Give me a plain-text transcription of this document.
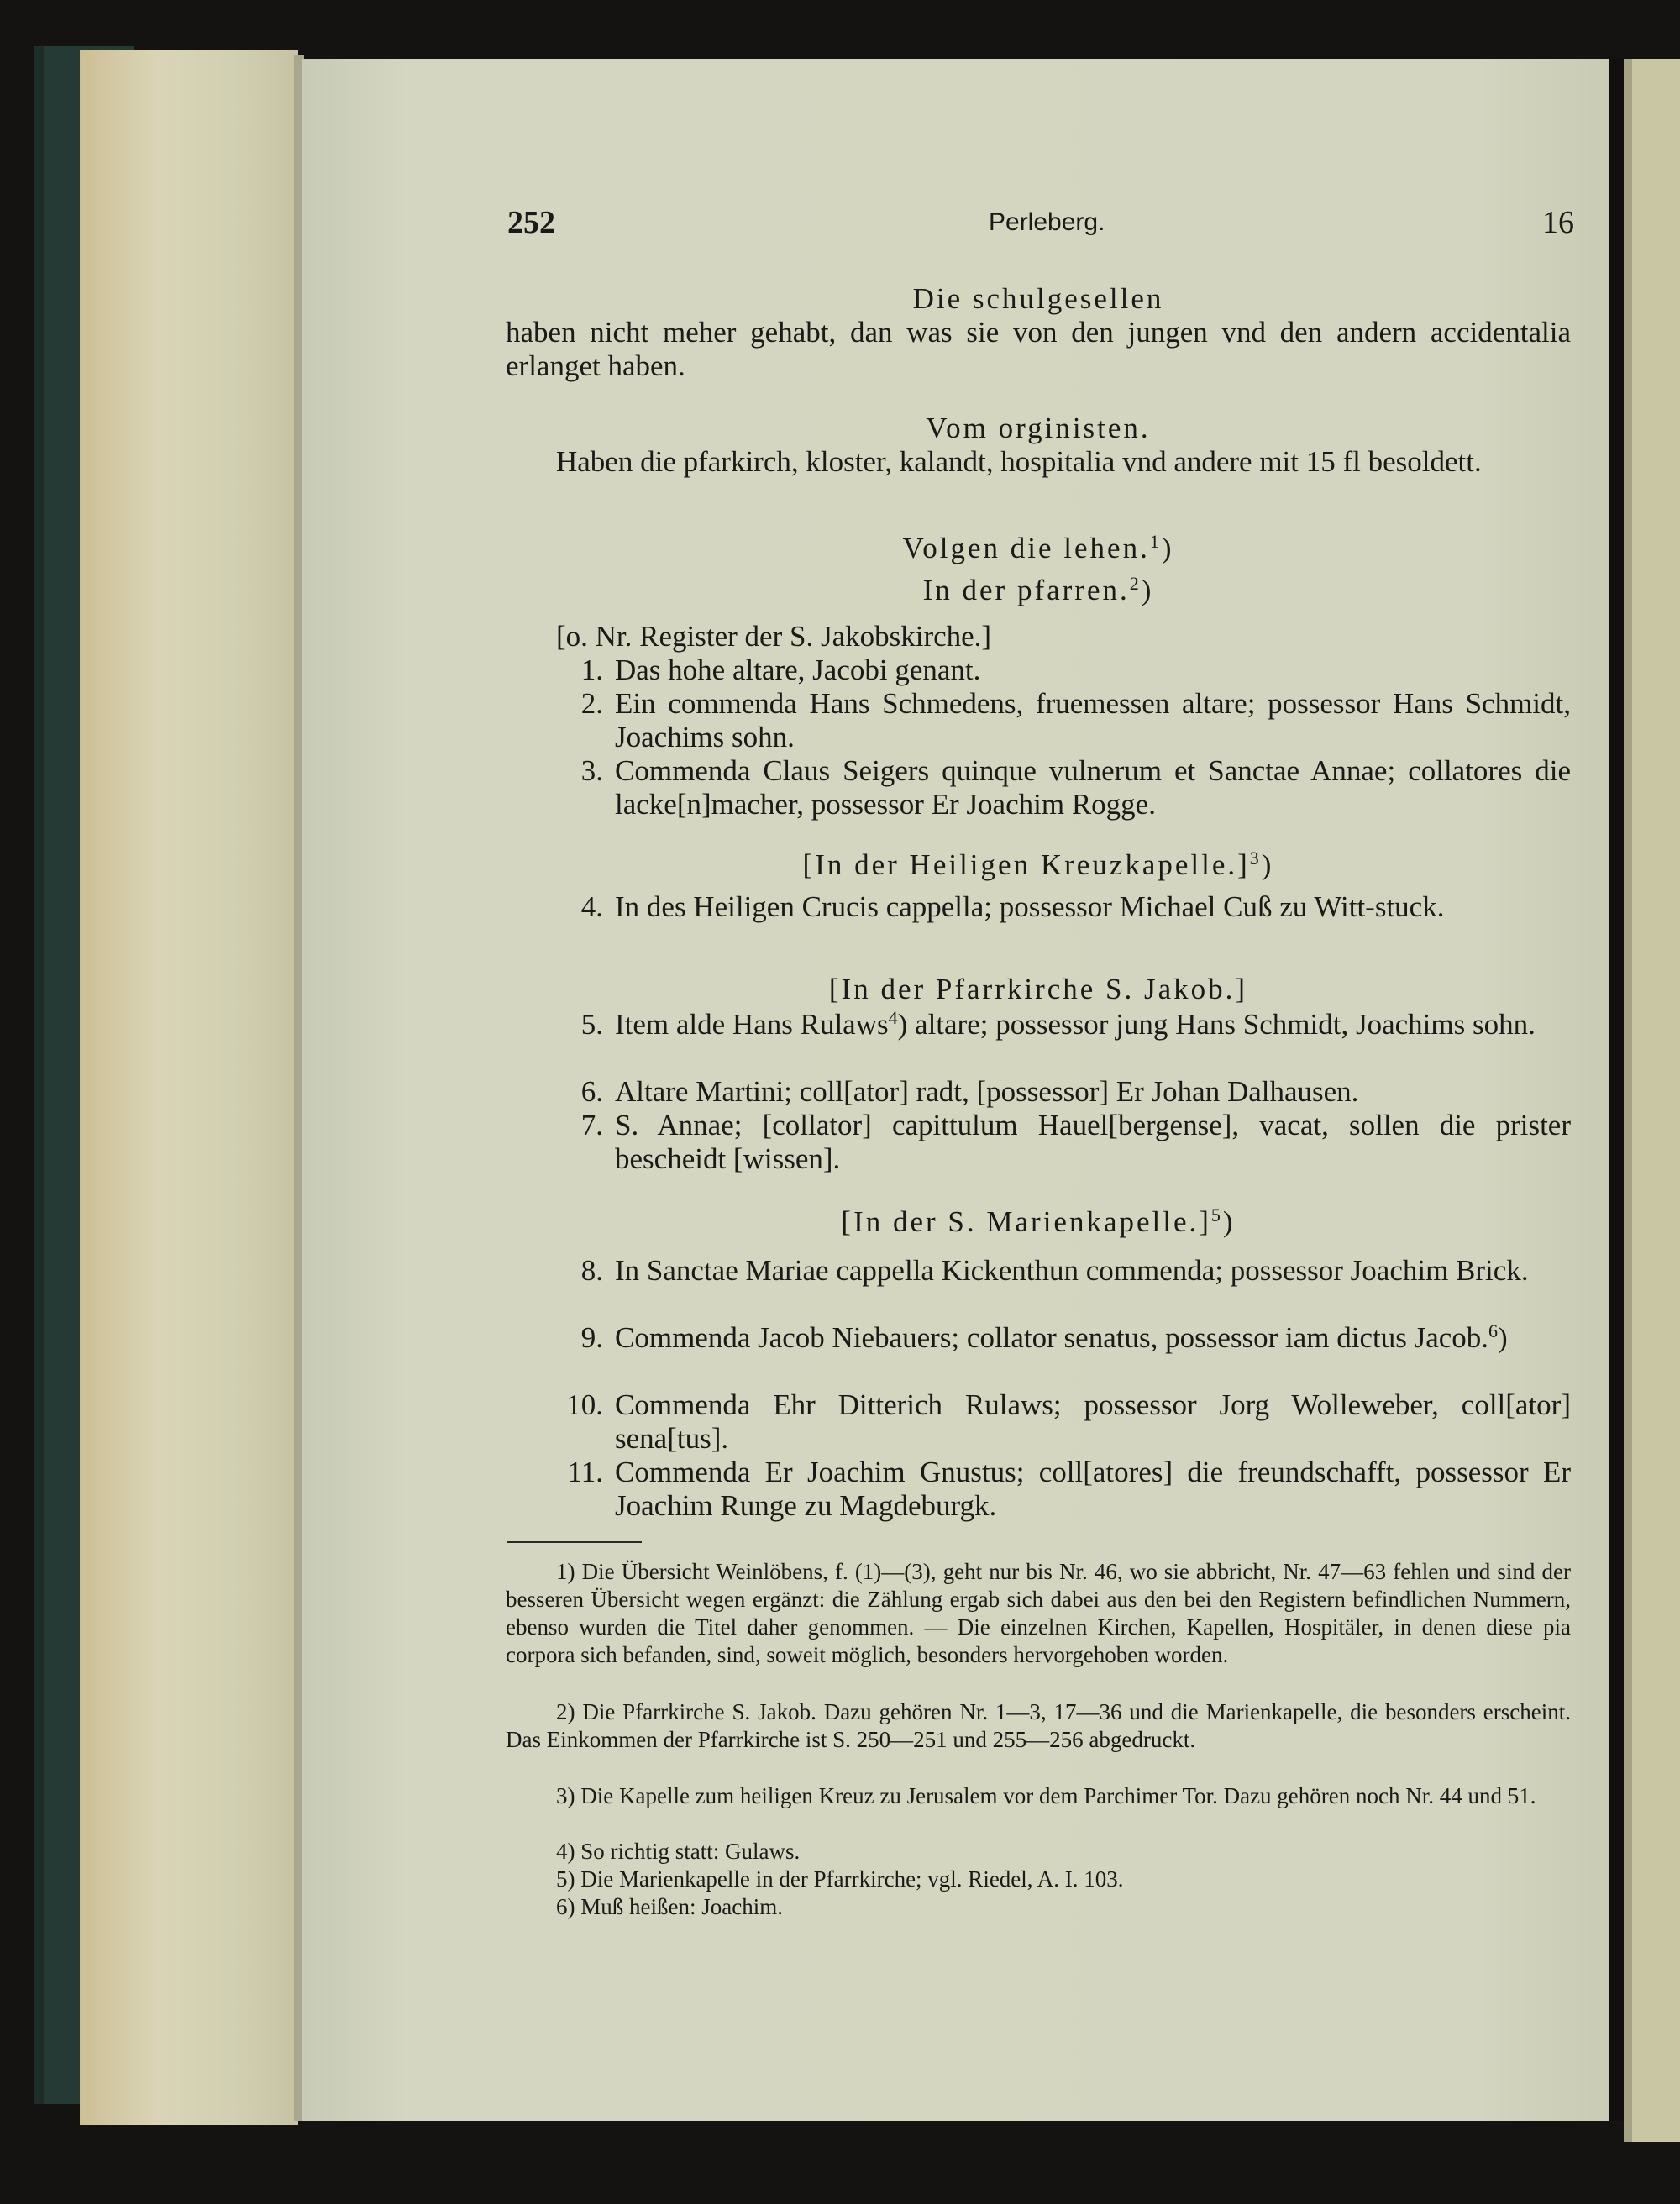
252	Perleberg.	16
Die schulgesellen
haben nicht meher gehabt, dan was sie von den jungen vnd den andern accidentalia erlanget haben.
Vom orginisten.
Haben die pfarkirch, kloster, kalandt, hospitalia vnd andere mit 15 fl besoldett.
Volgen die lehen.$^1$)
In der pfarren.$^2$)
[o. Nr. Register der S. Jakobskirche.]
1. Das hohe altare, Jacobi genant.
2. Ein commenda Hans Schmedens, fruemessen altare; possessor Hans Schmidt, Joachims sohn.
3. Commenda Claus Seigers quinque vulnerum et Sanctae Annae; collatores die lacke[n]macher, possessor Er Joachim Rogge.
[In der Heiligen Kreuzkapelle.]$^3$)
4. In des Heiligen Crucis cappella; possessor Michael Cuß zu Witt-stuck.
[In der Pfarrkirche S. Jakob.]
5. Item alde Hans Rulaws$^4$) altare; possessor jung Hans Schmidt, Joachims sohn.
6. Altare Martini; coll[ator] radt, [possessor] Er Johan Dalhausen.
7. S. Annae; [collator] capittulum Hauel[bergense], vacat, sollen die prister bescheidt [wissen].
[In der S. Marienkapelle.]$^5$)
8. In Sanctae Mariae cappella Kickenthun commenda; possessor Joachim Brick.
9. Commenda Jacob Niebauers; collator senatus, possessor iam dictus Jacob.$^6$)
10. Commenda Ehr Ditterich Rulaws; possessor Jorg Wolleweber, coll[ator] sena[tus].
11. Commenda Er Joachim Gnustus; coll[atores] die freundschafft, possessor Er Joachim Runge zu Magdeburgk.
1) Die Übersicht Weinlöbens, f. (1)—(3), geht nur bis Nr. 46, wo sie abbricht, Nr. 47—63 fehlen und sind der besseren Übersicht wegen ergänzt: die Zählung ergab sich dabei aus den bei den Registern befindlichen Nummern, ebenso wurden die Titel daher genommen. — Die einzelnen Kirchen, Kapellen, Hospitäler, in denen diese pia corpora sich befanden, sind, soweit möglich, besonders hervorgehoben worden.
2) Die Pfarrkirche S. Jakob. Dazu gehören Nr. 1—3, 17—36 und die Marienkapelle, die besonders erscheint. Das Einkommen der Pfarrkirche ist S. 250—251 und 255—256 abgedruckt.
3) Die Kapelle zum heiligen Kreuz zu Jerusalem vor dem Parchimer Tor. Dazu gehören noch Nr. 44 und 51.
4) So richtig statt: Gulaws.
5) Die Marienkapelle in der Pfarrkirche; vgl. Riedel, A. I. 103.
6) Muß heißen: Joachim.
